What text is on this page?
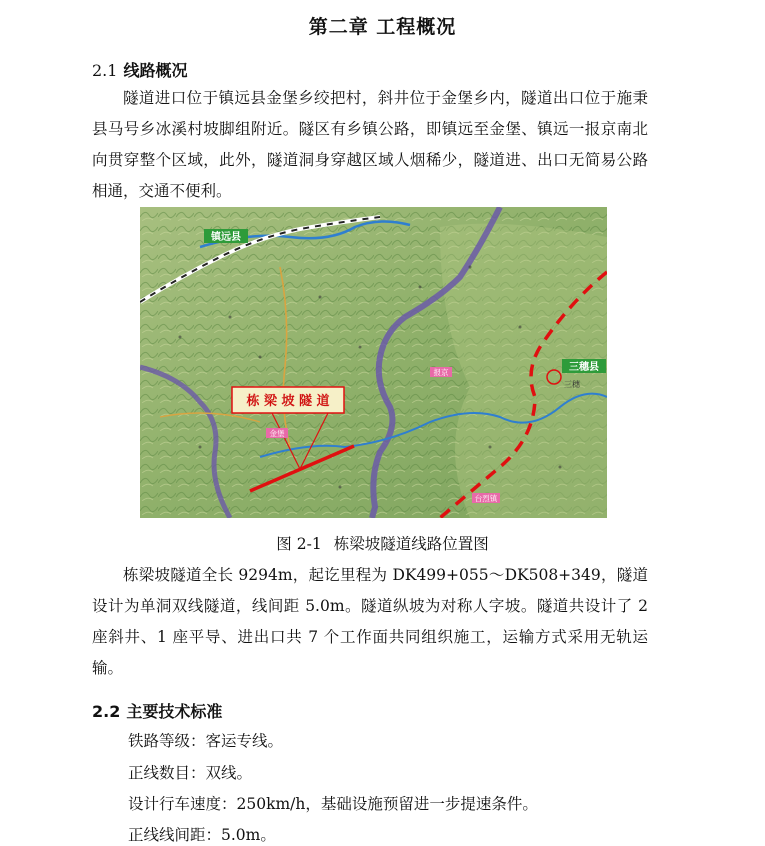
第二章 工程概况
2.1 线路概况
隧道进口位于镇远县金堡乡绞把村，斜井位于金堡乡内，隧道出口位于施秉县马号乡冰溪村坡脚组附近。隧区有乡镇公路，即镇远至金堡、镇远一报京南北向贯穿整个区域，此外，隧道洞身穿越区域人烟稀少，隧道进、出口无简易公路相通，交通不便利。
栋 梁 坡 隧 道
镇远县
三穗县
三穗
金堡
报京
台烈镇
图 2-1 栋梁坡隧道线路位置图
栋梁坡隧道全长 9294m，起讫里程为 DK499+055～DK508+349，隧道设计为单洞双线隧道，线间距 5.0m。隧道纵坡为对称人字坡。隧道共设计了 2 座斜井、1 座平导、进出口共 7 个工作面共同组织施工，运输方式采用无轨运输。
2.2 主要技术标准
铁路等级：客运专线。
正线数目：双线。
设计行车速度：250km/h，基础设施预留进一步提速条件。
正线线间距：5.0m。
